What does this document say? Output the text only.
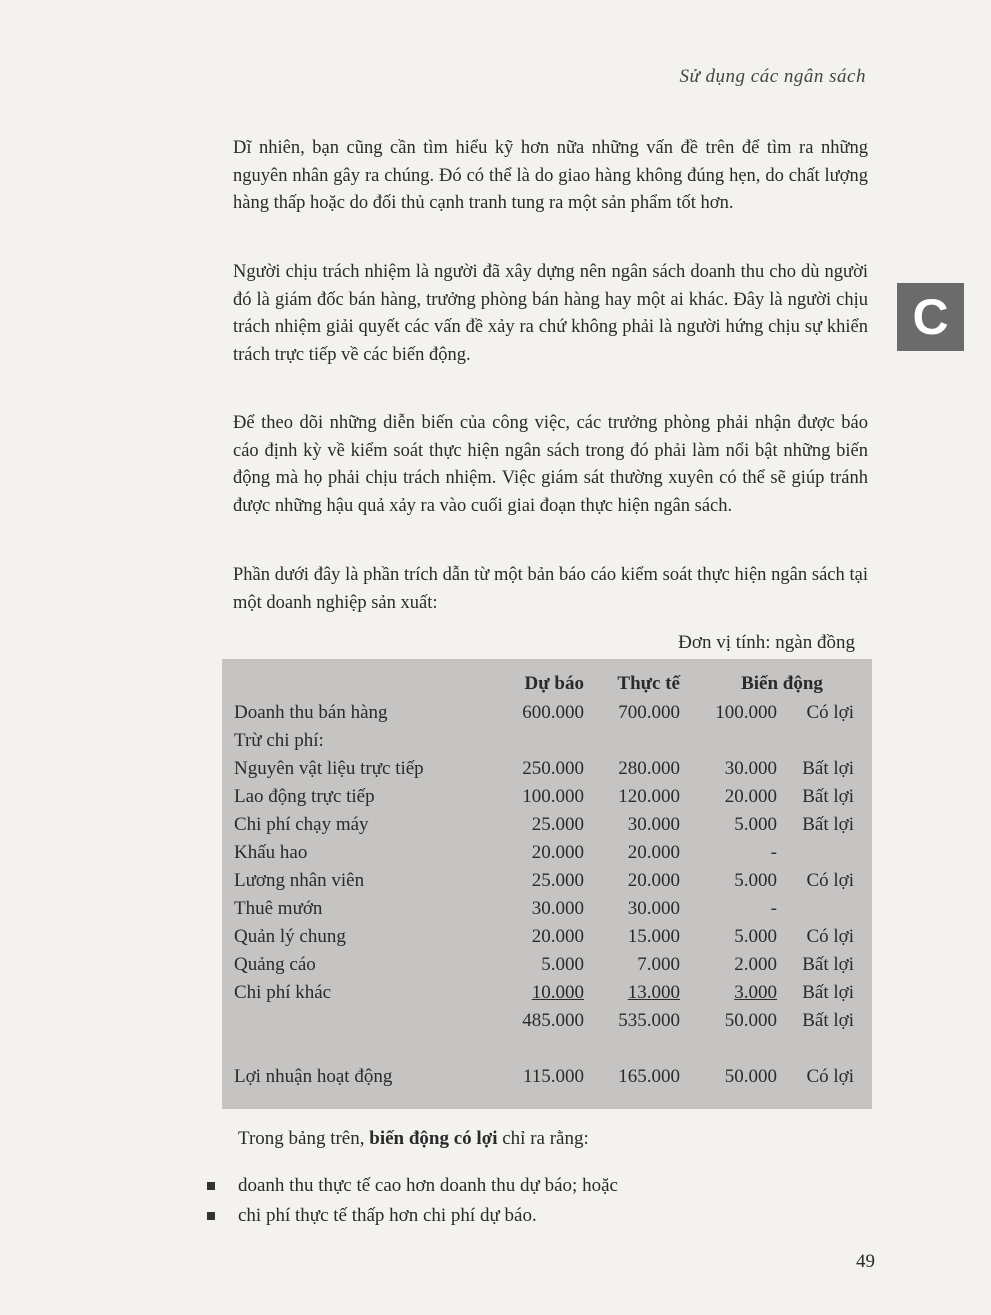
Sử dụng các ngân sách

Dĩ nhiên, bạn cũng cần tìm hiểu kỹ hơn nữa những vấn đề trên để tìm ra những nguyên nhân gây ra chúng. Đó có thể là do giao hàng không đúng hẹn, do chất lượng hàng thấp hoặc do đối thủ cạnh tranh tung ra một sản phẩm tốt hơn.

Người chịu trách nhiệm là người đã xây dựng nên ngân sách doanh thu cho dù người đó là giám đốc bán hàng, trưởng phòng bán hàng hay một ai khác. Đây là người chịu trách nhiệm giải quyết các vấn đề xảy ra chứ không phải là người hứng chịu sự khiển trách trực tiếp về các biến động.

C

Để theo dõi những diễn biến của công việc, các trưởng phòng phải nhận được báo cáo định kỳ về kiểm soát thực hiện ngân sách trong đó phải làm nổi bật những biến động mà họ phải chịu trách nhiệm. Việc giám sát thường xuyên có thể sẽ giúp tránh được những hậu quả xảy ra vào cuối giai đoạn thực hiện ngân sách.

Phần dưới đây là phần trích dẫn từ một bản báo cáo kiểm soát thực hiện ngân sách tại một doanh nghiệp sản xuất:

Đơn vị tính: ngàn đồng
	Dự báo	Thực tế	Biến động	
Doanh thu bán hàng	600.000	700.000	100.000	Có lợi
Trừ chi phí:				
Nguyên vật liệu trực tiếp	250.000	280.000	30.000	Bất lợi
Lao động trực tiếp	100.000	120.000	20.000	Bất lợi
Chi phí chạy máy	25.000	30.000	5.000	Bất lợi
Khấu hao	20.000	20.000	-	
Lương nhân viên	25.000	20.000	5.000	Có lợi
Thuê mướn	30.000	30.000	-	
Quản lý chung	20.000	15.000	5.000	Có lợi
Quảng cáo	5.000	7.000	2.000	Bất lợi
Chi phí khác	10.000	13.000	3.000	Bất lợi
	485.000	535.000	50.000	Bất lợi

Lợi nhuận hoạt động	115.000	165.000	50.000	Có lợi
Trong bảng trên, biến động có lợi chỉ ra rằng:
doanh thu thực tế cao hơn doanh thu dự báo; hoặc
chi phí thực tế thấp hơn chi phí dự báo.
49
